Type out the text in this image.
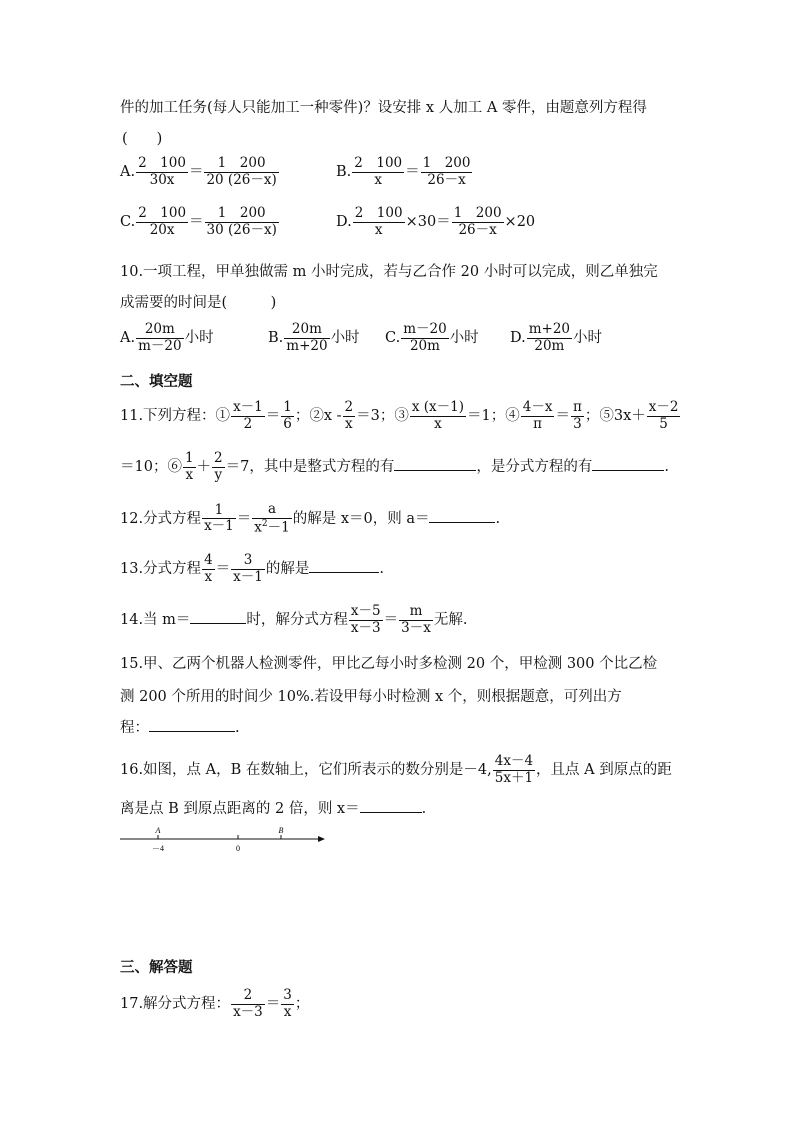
件的加工任务(每人只能加工一种零件)？设安排 x 人加工 A 零件，由题意列方程得
(　　)
A. $\frac{2 100}{30x} = \frac{1 200}{20 (26-x)}$	B. $\frac{2 100}{x} = \frac{1 200}{26-x}$
C. $\frac{2 100}{20x} = \frac{1 200}{30 (26-x)}$	D. $\frac{2 100}{x} \times 30= \frac{1 200}{26-x} \times 20$
10.一项工程，甲单独做需 m 小时完成，若与乙合作 20 小时可以完成，则乙单独完
成需要的时间是(　　　)
A. $\frac{20m}{m-20}$ 小时	B. $\frac{20m}{m+20}$ 小时 C. $\frac{m-20}{20m}$ 小时 D. $\frac{m+20}{20m}$ 小时
二、填空题
11.下列方程：① $\frac{x-1}{2} = \frac{1}{6}$ ；②x - $\frac{2}{x} =3$；③ $\frac{x (x-1)}{x} =1$；④ $\frac{4-x}{\pi} = \frac{\pi}{3}$ ；⑤3x＋ $\frac{x-2}{5}$
＝10；⑥ $\frac{1}{x} + \frac{2}{y} =7$，其中是整式方程的有	，是分式方程的有	.
12.分式方程 $\frac{1}{x-1} = \frac{a}{x^2-1}$ 的解是 x＝0，则 a＝	.
13.分式方程 $\frac{4}{x} = \frac{3}{x-1}$ 的解是	.
14.当 m＝	时，解分式方程 $\frac{x-5}{x-3} = \frac{m}{3-x}$ 无解.
15.甲、乙两个机器人检测零件，甲比乙每小时多检测 20 个，甲检测 300 个比乙检
测 200 个所用的时间少 10%.若设甲每小时检测 x 个，则根据题意，可列出方
程：	.
16.如图，点 A，B 在数轴上，它们所表示的数分别是－4, $\frac{4x-4}{5x+1}$ ，且点 A 到原点的距
离是点 B 到原点距离的 2 倍，则 x＝	.
A	B
－4	0
三、解答题
17.解分式方程： $\frac{2}{x-3} = \frac{3}{x}$ ；
